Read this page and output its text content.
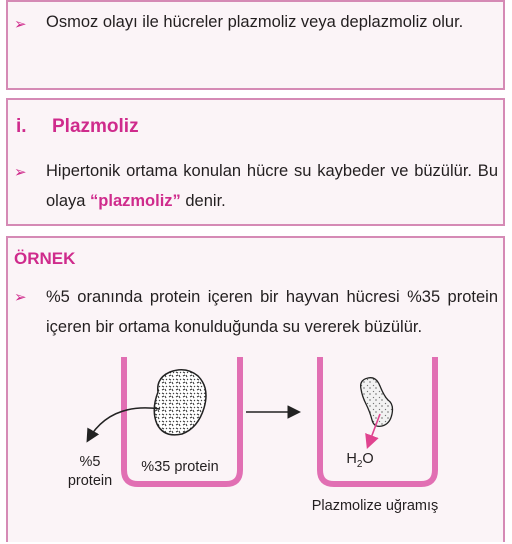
➢ Osmoz olayı ile hücreler plazmoliz veya deplazmoliz olur.
i. Plazmoliz
➢ Hipertonik ortama konulan hücre su kaybeder ve büzülür. Bu olaya “plazmoliz” denir.
ÖRNEK
➢ %5 oranında protein içeren bir hayvan hücresi %35 protein içeren bir ortama konulduğunda su vererek büzülür.
%5
protein
%35 protein	$H_2O$
Plazmolize uğramış
